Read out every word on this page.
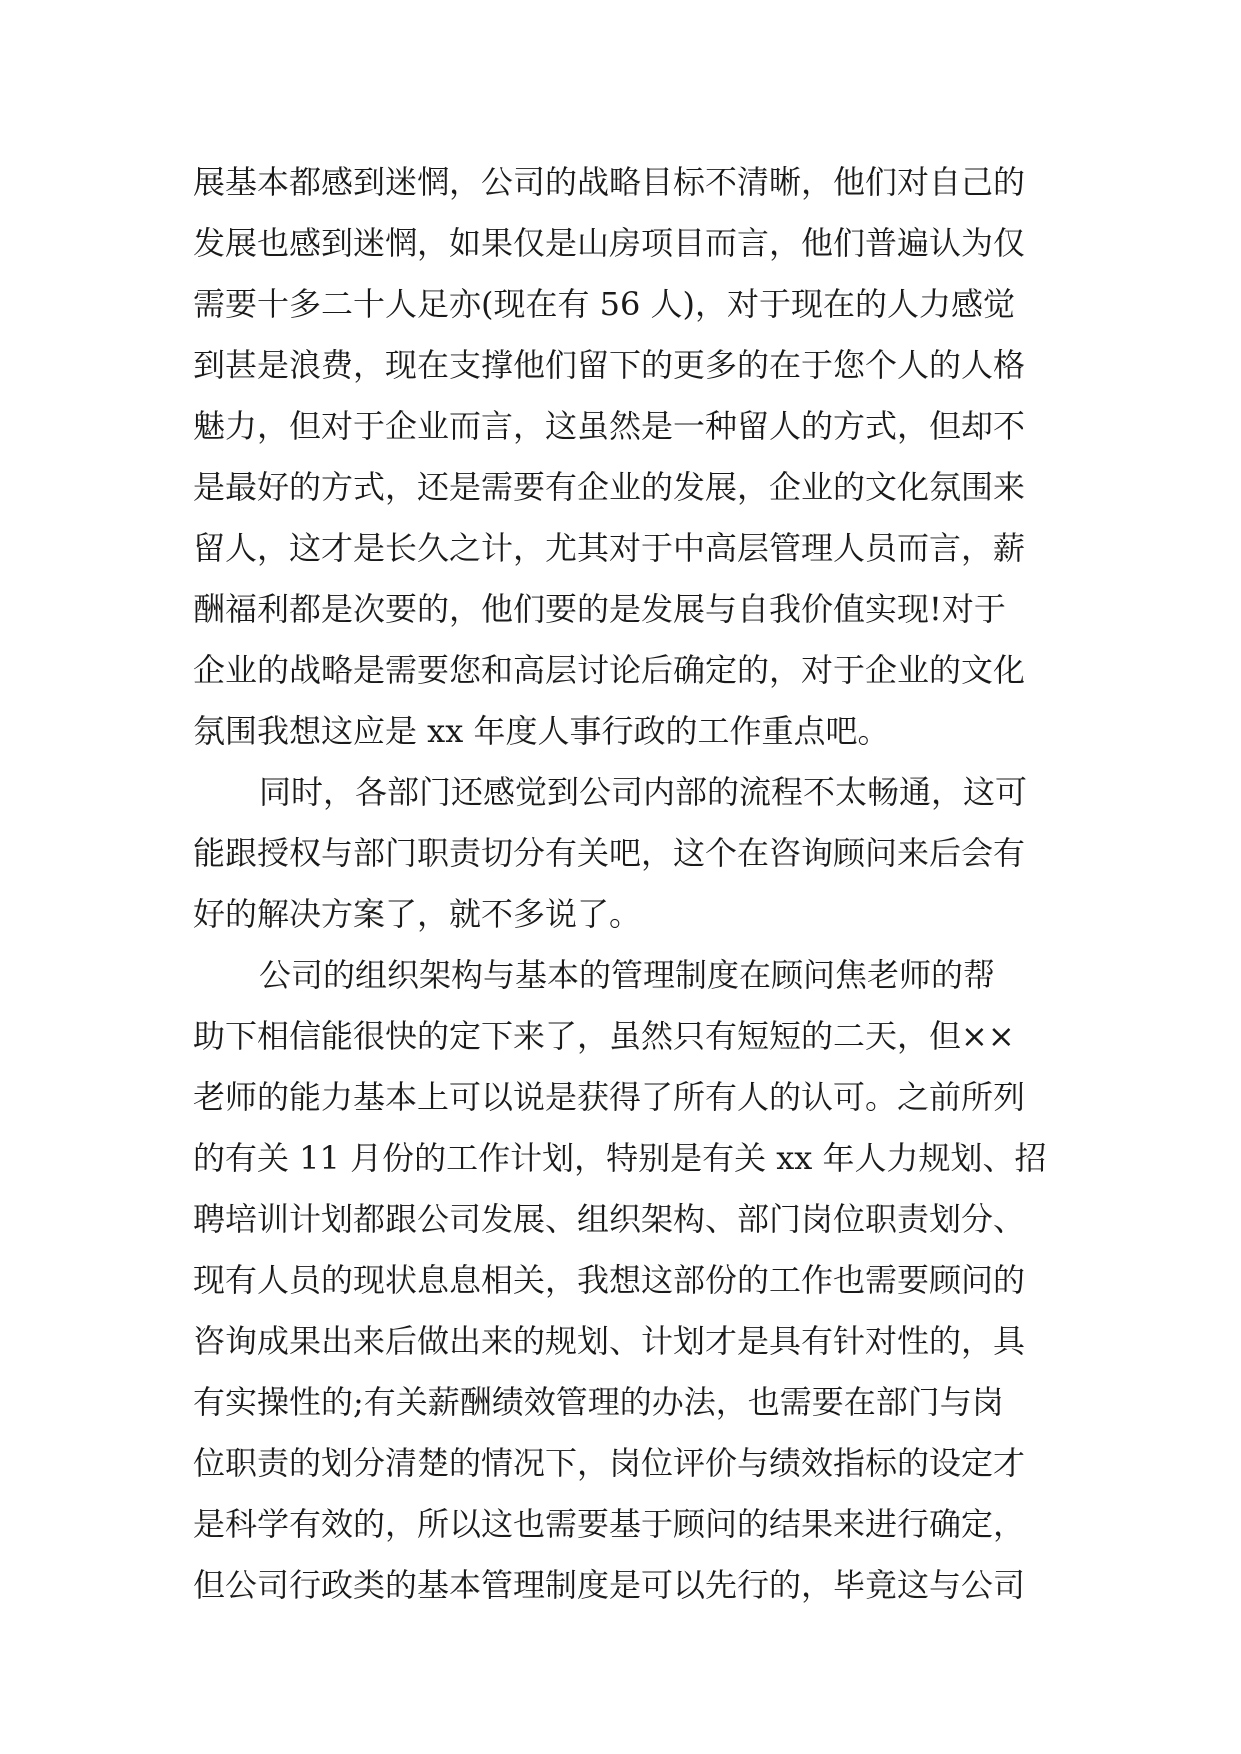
展基本都感到迷惘，公司的战略目标不清晰，他们对自己的
发展也感到迷惘，如果仅是山房项目而言，他们普遍认为仅
需要十多二十人足亦(现在有 56 人)，对于现在的人力感觉
到甚是浪费，现在支撑他们留下的更多的在于您个人的人格
魅力，但对于企业而言，这虽然是一种留人的方式，但却不
是最好的方式，还是需要有企业的发展，企业的文化氛围来
留人，这才是长久之计，尤其对于中高层管理人员而言，薪
酬福利都是次要的，他们要的是发展与自我价值实现!对于
企业的战略是需要您和高层讨论后确定的，对于企业的文化
氛围我想这应是 xx 年度人事行政的工作重点吧。
同时，各部门还感觉到公司内部的流程不太畅通，这可
能跟授权与部门职责切分有关吧，这个在咨询顾问来后会有
好的解决方案了，就不多说了。
公司的组织架构与基本的管理制度在顾问焦老师的帮
助下相信能很快的定下来了，虽然只有短短的二天，但××
老师的能力基本上可以说是获得了所有人的认可。之前所列
的有关 11 月份的工作计划，特别是有关 xx 年人力规划、招
聘培训计划都跟公司发展、组织架构、部门岗位职责划分、
现有人员的现状息息相关，我想这部份的工作也需要顾问的
咨询成果出来后做出来的规划、计划才是具有针对性的，具
有实操性的;有关薪酬绩效管理的办法，也需要在部门与岗
位职责的划分清楚的情况下，岗位评价与绩效指标的设定才
是科学有效的，所以这也需要基于顾问的结果来进行确定，
但公司行政类的基本管理制度是可以先行的，毕竟这与公司
